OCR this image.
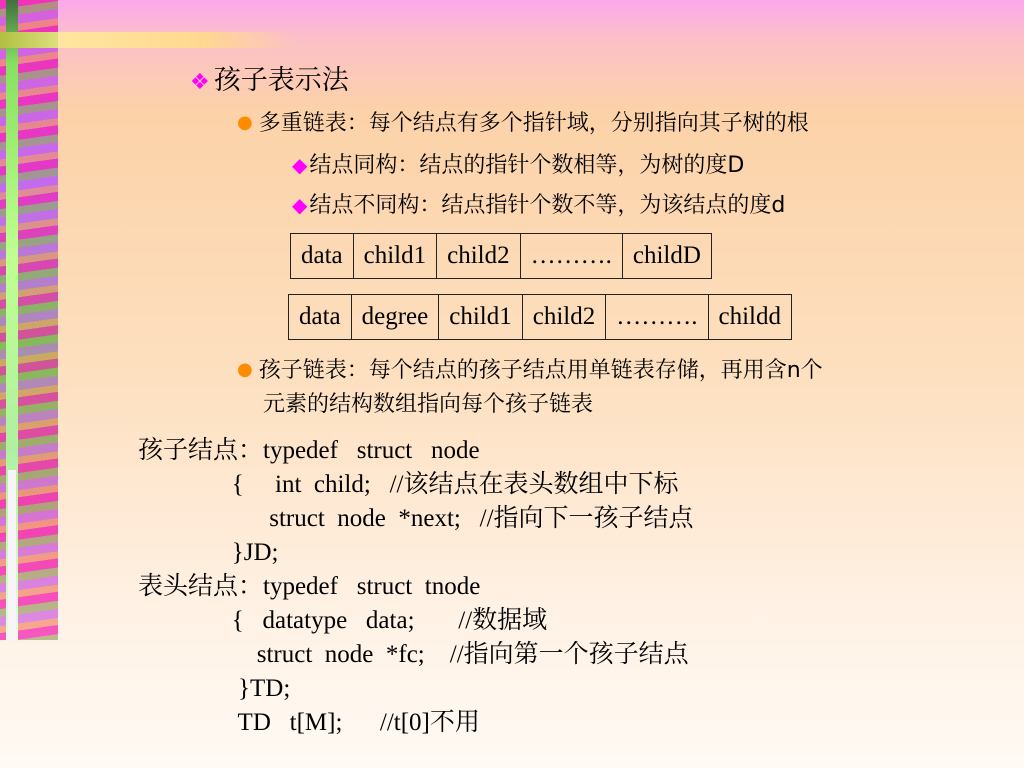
❖ 孩子表示法
● 多重链表：每个结点有多个指针域，分别指向其子树的根
◆结点同构：结点的指针个数相等，为树的度D
◆结点不同构：结点指针个数不等，为该结点的度d
data	child1	child2	……….	childD
data	degree	child1	child2	……….	childd
● 孩子链表：每个结点的孩子结点用单链表存储，再用含n个
元素的结构数组指向每个孩子链表
孩子结点：typedef   struct   node
{     int  child;   //该结点在表头数组中下标
struct  node  *next;   //指向下一孩子结点
}JD;
表头结点：typedef   struct  tnode
{   datatype   data;       //数据域
struct  node  *fc;    //指向第一个孩子结点
}TD;
TD   t[M];      //t[0]不用
